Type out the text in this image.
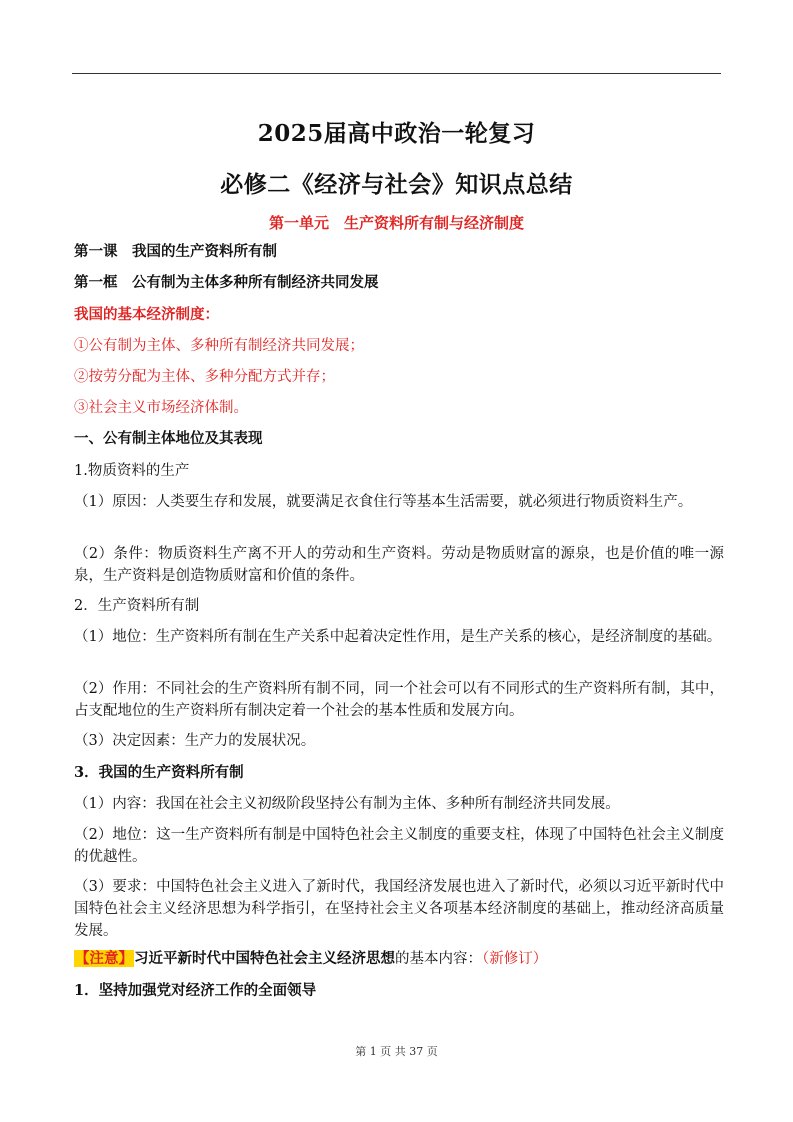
2025届高中政治一轮复习
必修二《经济与社会》知识点总结
第一单元　生产资料所有制与经济制度
第一课　我国的生产资料所有制
第一框　公有制为主体多种所有制经济共同发展
我国的基本经济制度：
①公有制为主体、多种所有制经济共同发展；
②按劳分配为主体、多种分配方式并存；
③社会主义市场经济体制。
一、公有制主体地位及其表现
1.物质资料的生产
（1）原因：人类要生存和发展，就要满足衣食住行等基本生活需要，就必须进行物质资料生产。
（2）条件：物质资料生产离不开人的劳动和生产资料。劳动是物质财富的源泉，也是价值的唯一源泉，生产资料是创造物质财富和价值的条件。
2．生产资料所有制
（1）地位：生产资料所有制在生产关系中起着决定性作用，是生产关系的核心，是经济制度的基础。
（2）作用：不同社会的生产资料所有制不同，同一个社会可以有不同形式的生产资料所有制，其中，占支配地位的生产资料所有制决定着一个社会的基本性质和发展方向。
（3）决定因素：生产力的发展状况。
3．我国的生产资料所有制
（1）内容：我国在社会主义初级阶段坚持公有制为主体、多种所有制经济共同发展。
（2）地位：这一生产资料所有制是中国特色社会主义制度的重要支柱，体现了中国特色社会主义制度的优越性。
（3）要求：中国特色社会主义进入了新时代，我国经济发展也进入了新时代，必须以习近平新时代中国特色社会主义经济思想为科学指引，在坚持社会主义各项基本经济制度的基础上，推动经济高质量发展。
【注意】习近平新时代中国特色社会主义经济思想的基本内容：（新修订）
1．坚持加强党对经济工作的全面领导
第 1 页 共 37 页
